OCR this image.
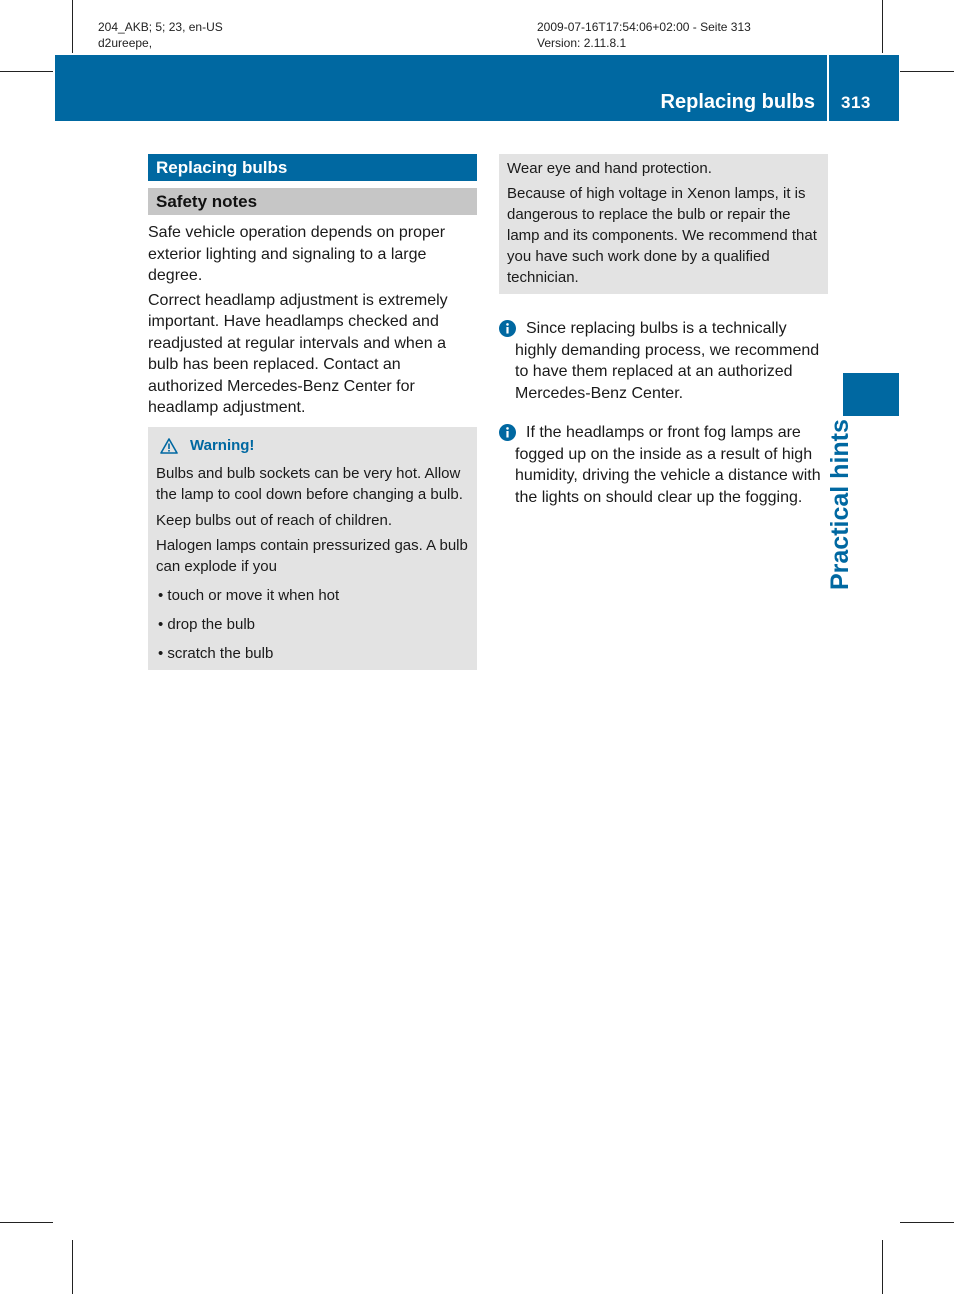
204_AKB; 5; 23, en-US
d2ureepe,
2009-07-16T17:54:06+02:00 - Seite 313
Version: 2.11.8.1
Replacing bulbs 313
Practical hints
Replacing bulbs
Safety notes

Safe vehicle operation depends on proper exterior lighting and signaling to a large degree.

Correct headlamp adjustment is extremely important. Have headlamps checked and readjusted at regular intervals and when a bulb has been replaced. Contact an authorized Mercedes-Benz Center for headlamp adjustment.

Warning!

Bulbs and bulb sockets can be very hot. Allow the lamp to cool down before changing a bulb.

Keep bulbs out of reach of children.

Halogen lamps contain pressurized gas. A bulb can explode if you

• touch or move it when hot
• drop the bulb
• scratch the bulb

Wear eye and hand protection.

Because of high voltage in Xenon lamps, it is dangerous to replace the bulb or repair the lamp and its components. We recommend that you have such work done by a qualified technician.

Since replacing bulbs is a technically highly demanding process, we recommend to have them replaced at an authorized Mercedes-Benz Center.
If the headlamps or front fog lamps are fogged up on the inside as a result of high humidity, driving the vehicle a distance with the lights on should clear up the fogging.
